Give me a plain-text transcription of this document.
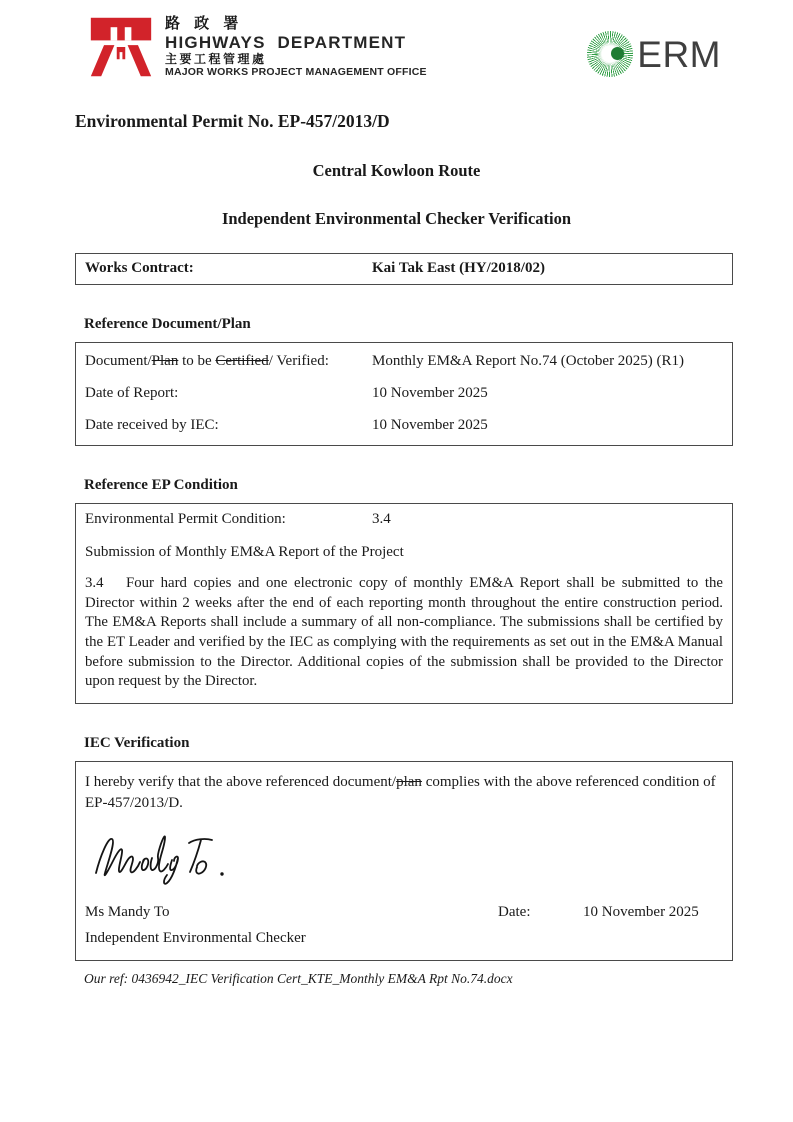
路 政 署
HIGHWAYS  DEPARTMENT
主要工程管理處
MAJOR WORKS PROJECT MANAGEMENT OFFICE	ERM
Environmental Permit No. EP-457/2013/D
Central Kowloon Route
Independent Environmental Checker Verification
Works Contract:	Kai Tak East (HY/2018/02)
Reference Document/Plan
Document/Plan to be Certified/ Verified:	Monthly EM&A Report No.74 (October 2025) (R1)
Date of Report:	10 November 2025
Date received by IEC:	10 November 2025
Reference EP Condition
Environmental Permit Condition:	3.4
Submission of Monthly EM&A Report of the Project
3.4 Four hard copies and one electronic copy of monthly EM&A Report shall be submitted to the Director within 2 weeks after the end of each reporting month throughout the entire construction period. The EM&A Reports shall include a summary of all non-compliance. The submissions shall be certified by the ET Leader and verified by the IEC as complying with the requirements as set out in the EM&A Manual before submission to the Director. Additional copies of the submission shall be provided to the Director upon request by the Director.
IEC Verification
I hereby verify that the above referenced document/plan complies with the above referenced condition of EP-457/2013/D.
Ms Mandy To	Date:	10 November 2025
Independent Environmental Checker
Our ref: 0436942_IEC Verification Cert_KTE_Monthly EM&A Rpt No.74.docx
